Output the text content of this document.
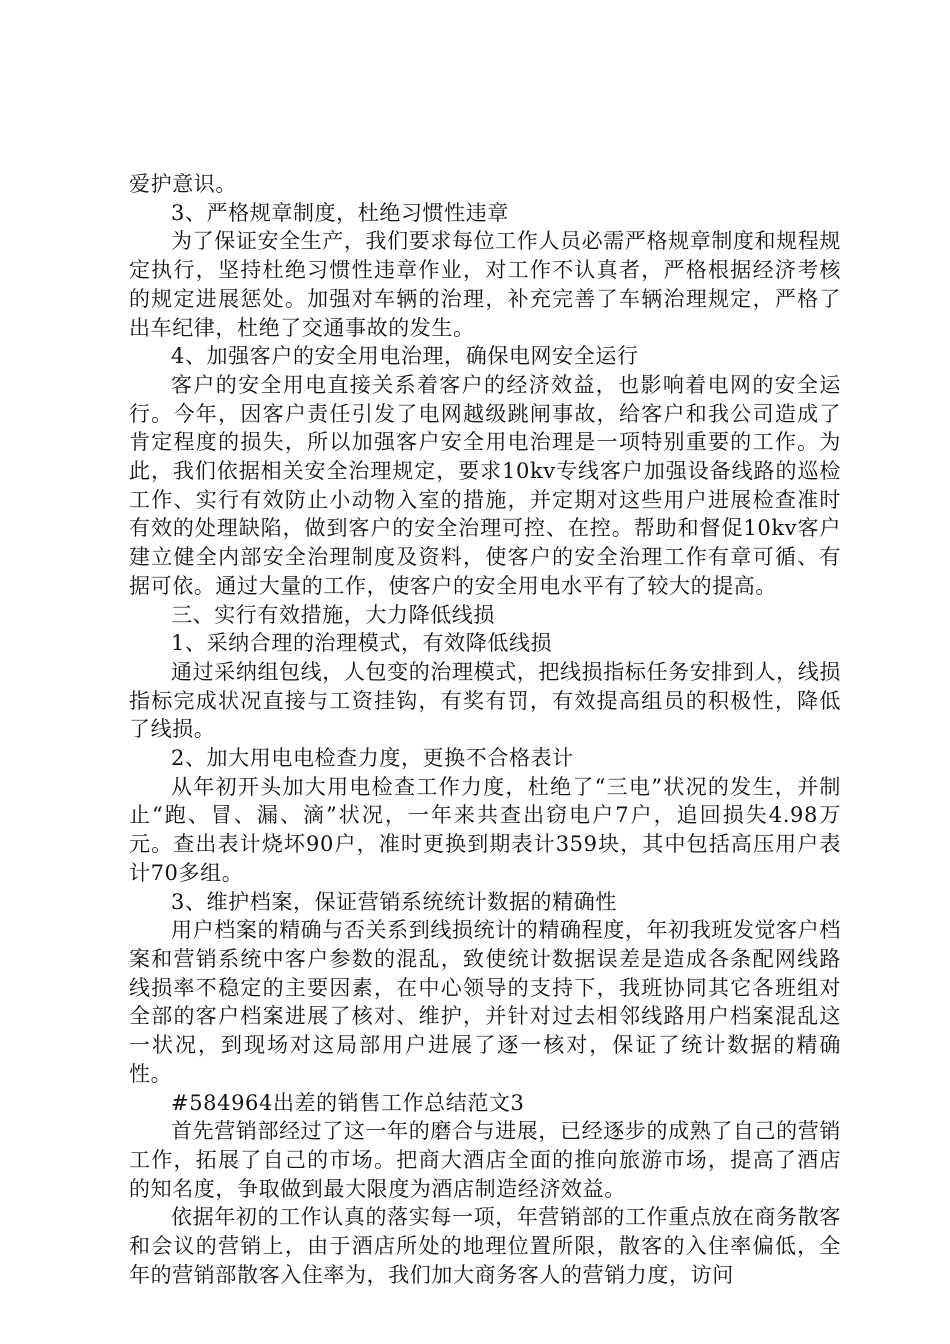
爱护意识。

3、严格规章制度，杜绝习惯性违章

为了保证安全生产，我们要求每位工作人员必需严格规章制度和规程规定执行，坚持杜绝习惯性违章作业，对工作不认真者，严格根据经济考核的规定进展惩处。加强对车辆的治理，补充完善了车辆治理规定，严格了出车纪律，杜绝了交通事故的发生。

4、加强客户的安全用电治理，确保电网安全运行

客户的安全用电直接关系着客户的经济效益，也影响着电网的安全运行。今年，因客户责任引发了电网越级跳闸事故，给客户和我公司造成了肯定程度的损失，所以加强客户安全用电治理是一项特别重要的工作。为此，我们依据相关安全治理规定，要求10kv专线客户加强设备线路的巡检工作、实行有效防止小动物入室的措施，并定期对这些用户进展检查准时有效的处理缺陷，做到客户的安全治理可控、在控。帮助和督促10kv客户建立健全内部安全治理制度及资料，使客户的安全治理工作有章可循、有据可依。通过大量的工作，使客户的安全用电水平有了较大的提高。

三、实行有效措施，大力降低线损

1、采纳合理的治理模式，有效降低线损

通过采纳组包线，人包变的治理模式，把线损指标任务安排到人，线损指标完成状况直接与工资挂钩，有奖有罚，有效提高组员的积极性，降低了线损。

2、加大用电电检查力度，更换不合格表计

从年初开头加大用电检查工作力度，杜绝了“三电”状况的发生，并制止“跑、冒、漏、滴”状况，一年来共查出窃电户7户，追回损失4.98万元。查出表计烧坏90户，准时更换到期表计359块，其中包括高压用户表计70多组。

3、维护档案，保证营销系统统计数据的精确性

用户档案的精确与否关系到线损统计的精确程度，年初我班发觉客户档案和营销系统中客户参数的混乱，致使统计数据误差是造成各条配网线路线损率不稳定的主要因素，在中心领导的支持下，我班协同其它各班组对全部的客户档案进展了核对、维护，并针对过去相邻线路用户档案混乱这一状况，到现场对这局部用户进展了逐一核对，保证了统计数据的精确性。

#584964出差的销售工作总结范文3

首先营销部经过了这一年的磨合与进展，已经逐步的成熟了自己的营销工作，拓展了自己的市场。把商大酒店全面的推向旅游市场，提高了酒店的知名度，争取做到最大限度为酒店制造经济效益。

依据年初的工作认真的落实每一项，年营销部的工作重点放在商务散客和会议的营销上，由于酒店所处的地理位置所限，散客的入住率偏低，全年的营销部散客入住率为，我们加大商务客人的营销力度，访问
